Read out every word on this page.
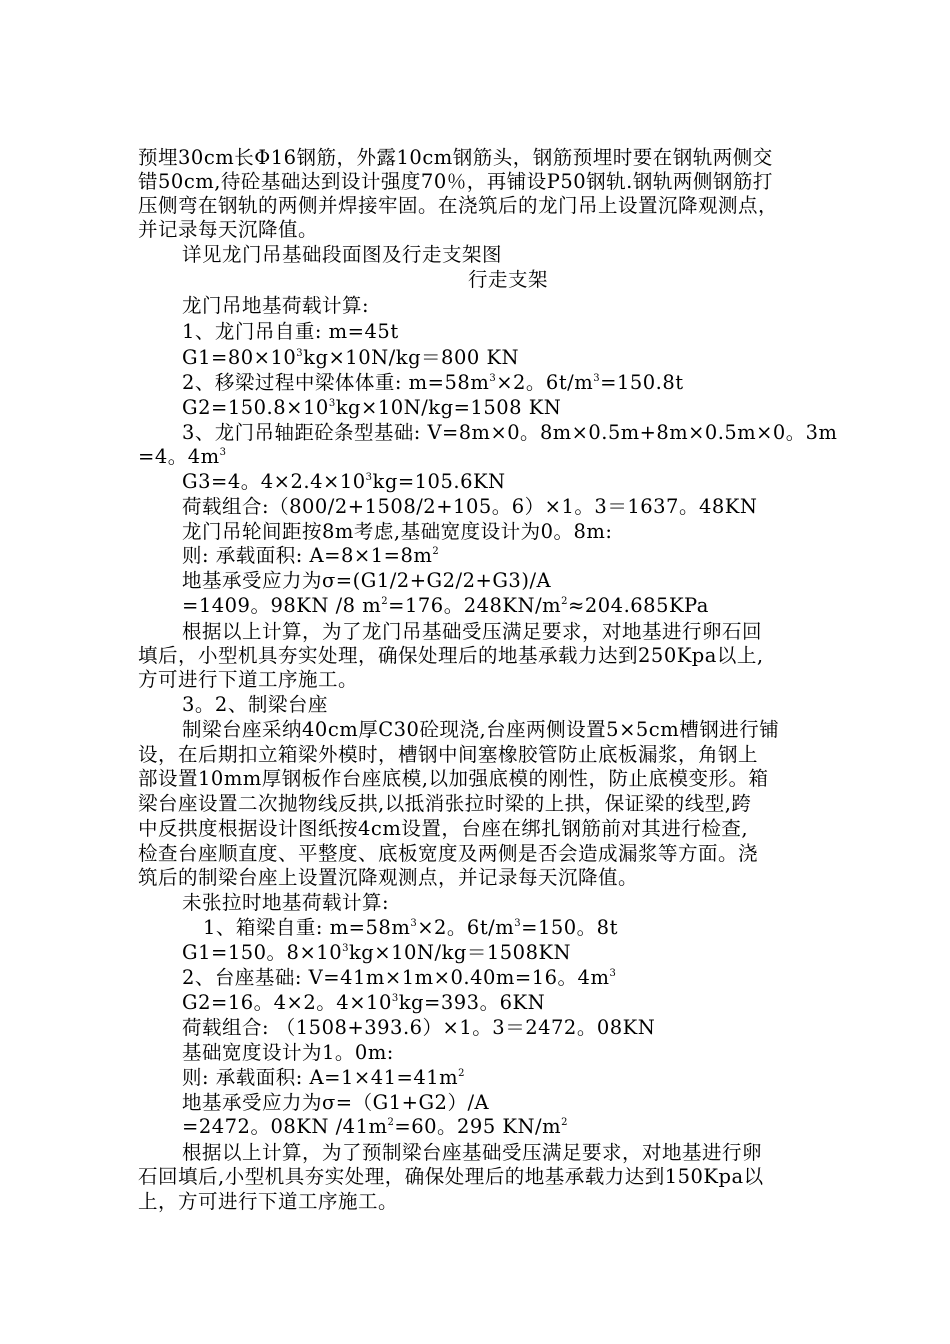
预埋30cm长Φ16钢筋，外露10cm钢筋头，钢筋预埋时要在钢轨两侧交
错50cm,待砼基础达到设计强度70％，再铺设P50钢轨.钢轨两侧钢筋打
压侧弯在钢轨的两侧并焊接牢固。在浇筑后的龙门吊上设置沉降观测点，
并记录每天沉降值。
详见龙门吊基础段面图及行走支架图
行走支架
龙门吊地基荷载计算:
1、龙门吊自重: m=45t
$G1=80\times 10^3kg\times 10N/kg=800$ KN
2、移梁过程中梁体体重: $m=58m^3\times 2$。$6t/m^3=150.8t$
$G2=150.8\times 10^3kg\times 10N/kg=1508$ KN
3、龙门吊轴距砼条型基础: V=8m×0。8m×0.5m+8m×0.5m×0。3m
=4。$4m^3$
G3=4。$4\times 2.4\times 10^3kg=105.6KN$
荷载组合:（800/2+1508/2+105。6）×1。3＝1637。48KN
龙门吊轮间距按8m考虑,基础宽度设计为0。8m:
则: 承载面积: $A=8\times 1=8m^2$
地基承受应力为σ=(G1/2+G2/2+G3)/A
=1409。98KN /8 $m^2=176$。$248KN/m^2\approx 204.685KPa$
根据以上计算，为了龙门吊基础受压满足要求，对地基进行卵石回
填后，小型机具夯实处理，确保处理后的地基承载力达到250Kpa以上,
方可进行下道工序施工。
3。2、制梁台座
制梁台座采纳40cm厚C30砼现浇,台座两侧设置5×5cm槽钢进行铺
设，在后期扣立箱梁外模时，槽钢中间塞橡胶管防止底板漏浆，角钢上
部设置10mm厚钢板作台座底模,以加强底模的刚性，防止底模变形。箱
梁台座设置二次抛物线反拱,以抵消张拉时梁的上拱，保证梁的线型,跨
中反拱度根据设计图纸按4cm设置，台座在绑扎钢筋前对其进行检查,
检查台座顺直度、平整度、底板宽度及两侧是否会造成漏浆等方面。浇
筑后的制梁台座上设置沉降观测点，并记录每天沉降值。
未张拉时地基荷载计算:
1、箱梁自重: $m=58m^3\times 2$。$6t/m^3=150$。8t
G1=150。$8\times 10^3kg\times 10N/kg=1508KN$
2、台座基础: V=41m×1m×0.40m=16。$4m^3$
G2=16。4×2。$4\times 10^3kg=393$。6KN
荷载组合: （1508+393.6）×1。3＝2472。08KN
基础宽度设计为1。0m:
则: 承载面积: $A=1\times 41=41m^2$
地基承受应力为σ=（G1+G2）/A
=2472。08KN $/41m^2=60$。295 $KN/m^2$
根据以上计算，为了预制梁台座基础受压满足要求，对地基进行卵
石回填后,小型机具夯实处理，确保处理后的地基承载力达到150Kpa以
上，方可进行下道工序施工。
